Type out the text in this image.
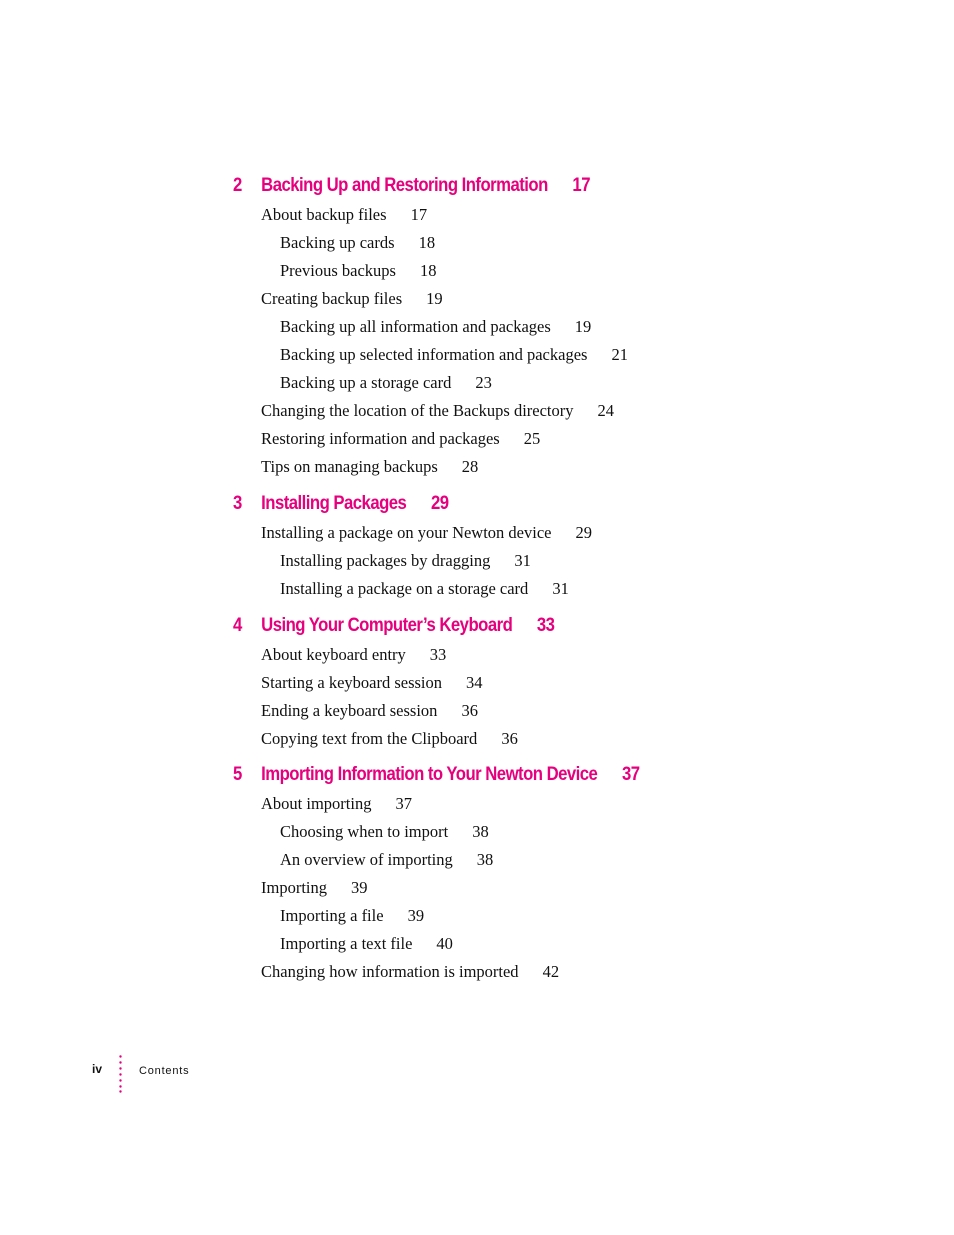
2 Backing Up and Restoring Information 17
About backup files 17
Backing up cards 18
Previous backups 18
Creating backup files 19
Backing up all information and packages 19
Backing up selected information and packages 21
Backing up a storage card 23
Changing the location of the Backups directory 24
Restoring information and packages 25
Tips on managing backups 28
3 Installing Packages 29
Installing a package on your Newton device 29
Installing packages by dragging 31
Installing a package on a storage card 31
4 Using Your Computer’s Keyboard 33
About keyboard entry 33
Starting a keyboard session 34
Ending a keyboard session 36
Copying text from the Clipboard 36
5 Importing Information to Your Newton Device 37
About importing 37
Choosing when to import 38
An overview of importing 38
Importing 39
Importing a file 39
Importing a text file 40
Changing how information is imported 42
iv	Contents
